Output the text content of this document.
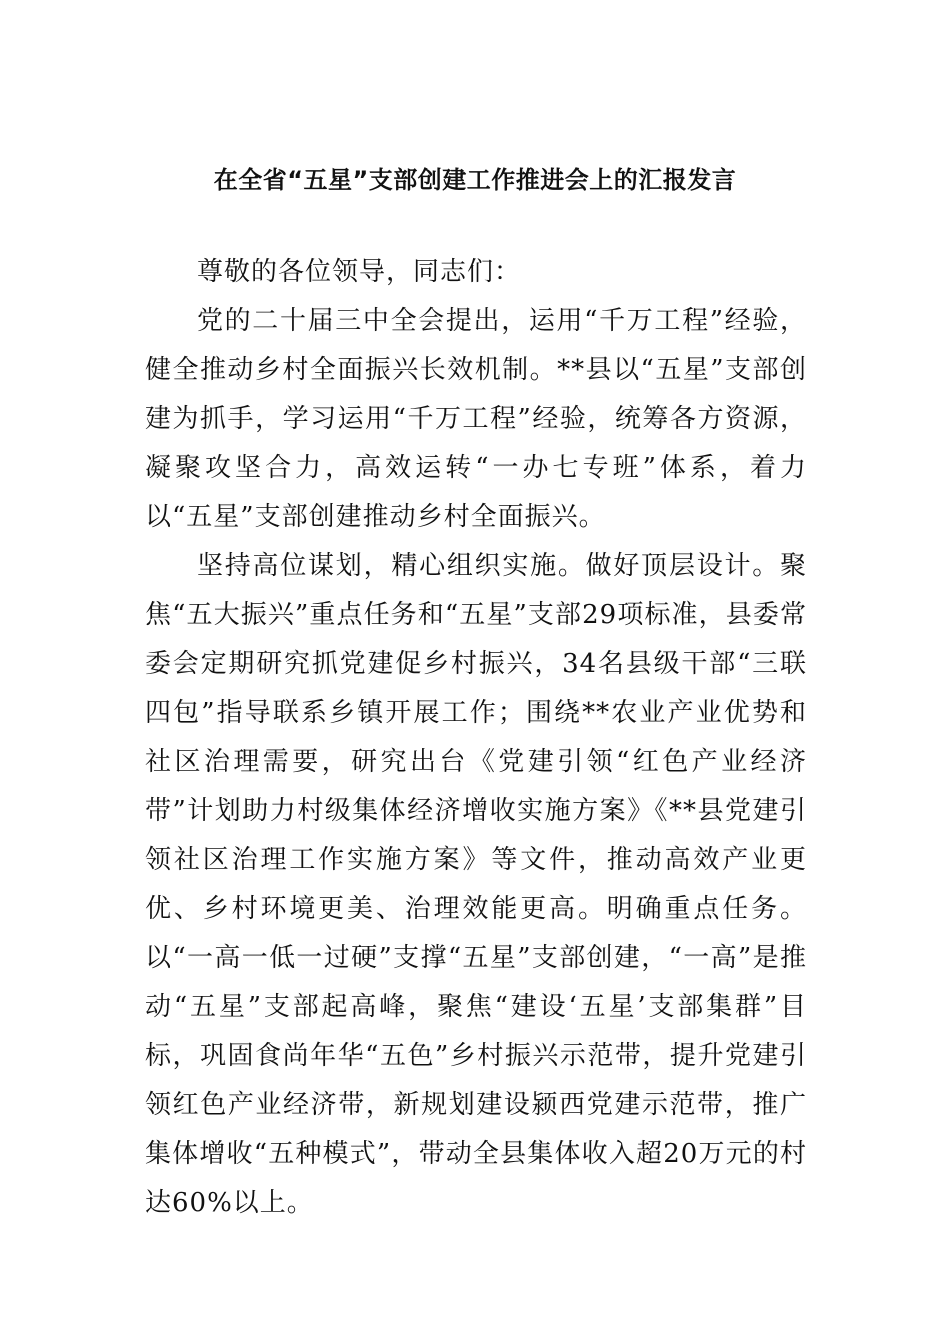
在全省“五星”支部创建工作推进会上的汇报发言

尊敬的各位领导，同志们：

党的二十届三中全会提出，运用“千万工程”经验，健全推动乡村全面振兴长效机制。**县以“五星”支部创建为抓手，学习运用“千万工程”经验，统筹各方资源，凝聚攻坚合力，高效运转“一办七专班”体系，着力以“五星”支部创建推动乡村全面振兴。

坚持高位谋划，精心组织实施。做好顶层设计。聚焦“五大振兴”重点任务和“五星”支部29项标准，县委常委会定期研究抓党建促乡村振兴，34名县级干部“三联四包”指导联系乡镇开展工作；围绕**农业产业优势和社区治理需要，研究出台《党建引领“红色产业经济带”计划助力村级集体经济增收实施方案》《**县党建引领社区治理工作实施方案》等文件，推动高效产业更优、乡村环境更美、治理效能更高。明确重点任务。以“一高一低一过硬”支撑“五星”支部创建，“一高”是推动“五星”支部起高峰，聚焦“建设‘五星’支部集群”目标，巩固食尚年华“五色”乡村振兴示范带，提升党建引领红色产业经济带，新规划建设颍西党建示范带，推广集体增收“五种模式”，带动全县集体收入超20万元的村达60%以上。
